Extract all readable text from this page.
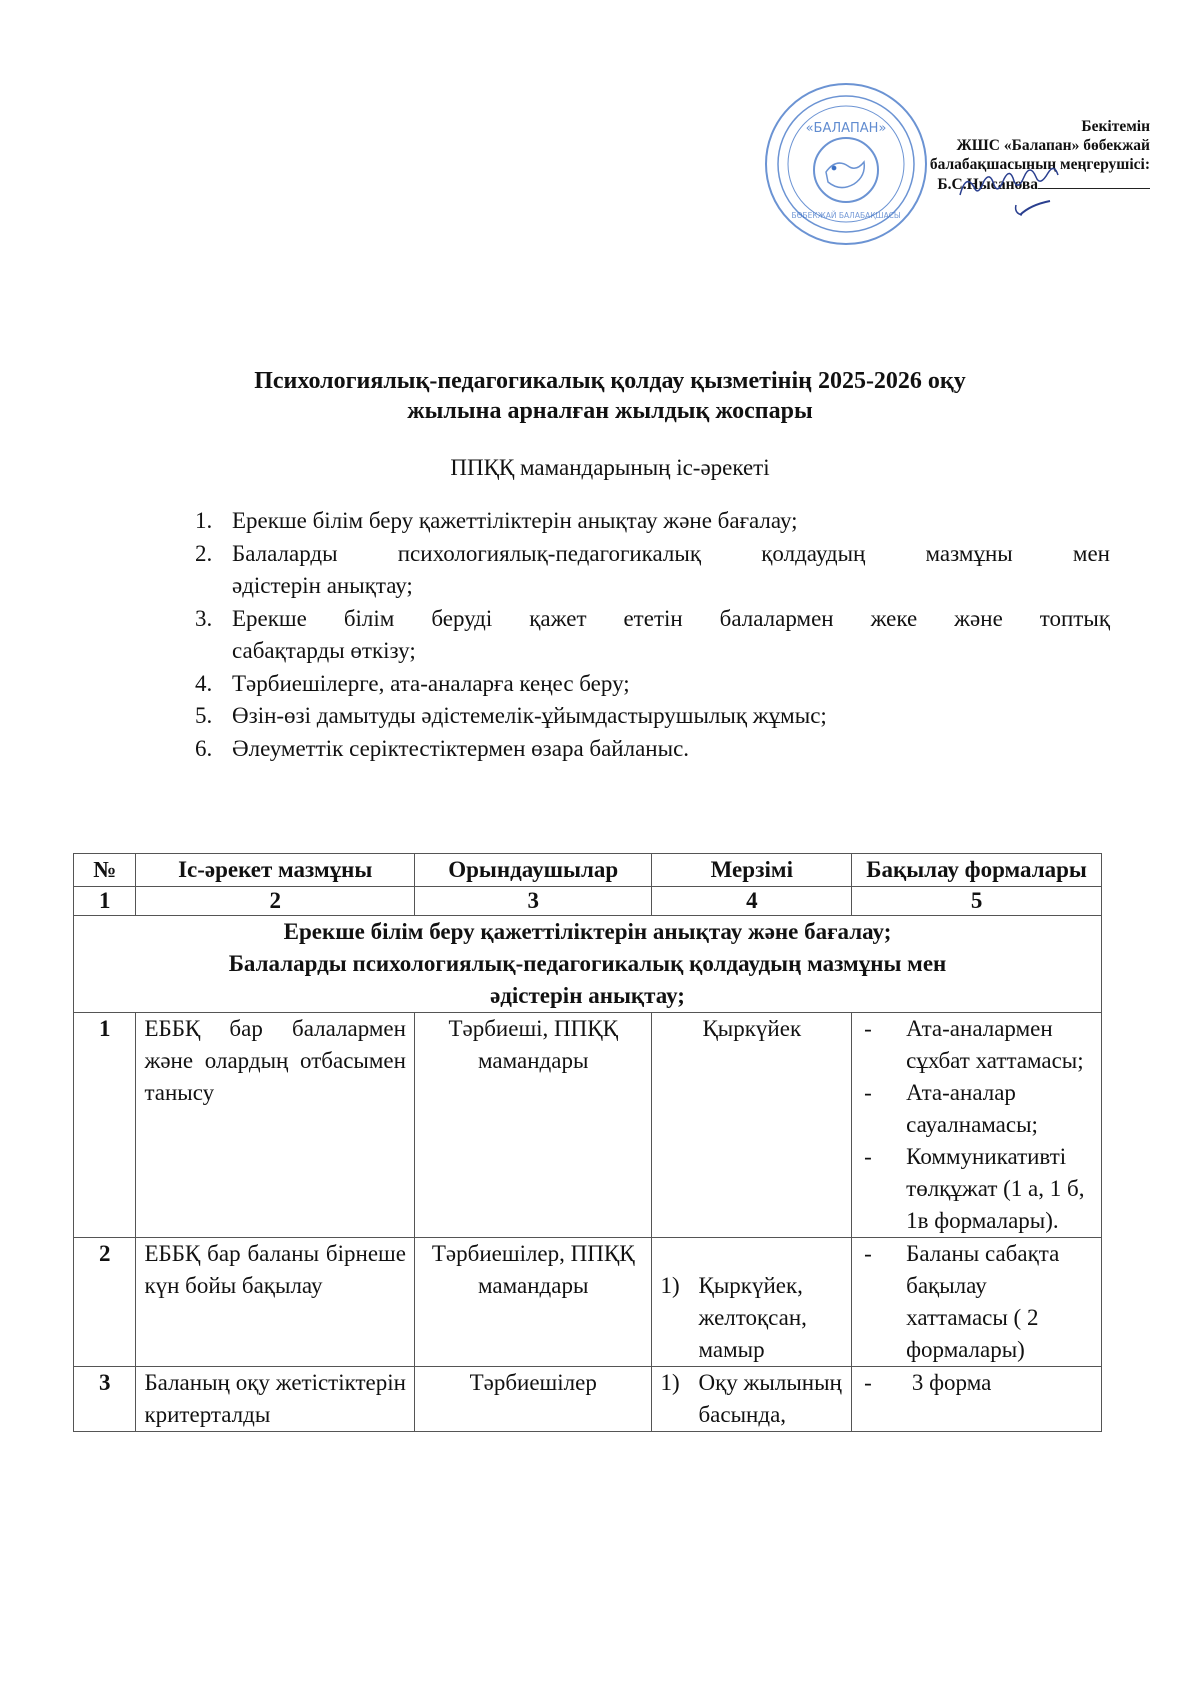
«БАЛАПАН»
БӨБЕКЖАЙ БАЛАБАҚШАСЫ
Бекітемін
ЖШС «Балапан» бөбекжай
балабақшасының меңгерушісі:
Б.С.Нысанова
Психологиялық-педагогикалық қолдау қызметінің 2025-2026 оқу
жылына арналған жылдық жоспары
ППҚҚ мамандарының іс-әрекеті
1. Ерекше білім беру қажеттіліктерін анықтау және бағалау;
2. Балаларды психологиялық-педагогикалық қолдаудың мазмұны мен
әдістерін анықтау;
3. Ерекше білім беруді қажет ететін балалармен жеке және топтық
сабақтарды өткізу;
4. Тәрбиешілерге, ата-аналарға кеңес беру;
5. Өзін-өзі дамытуды әдістемелік-ұйымдастырушылық жұмыс;
6. Әлеуметтік серіктестіктермен өзара байланыс.
№	Іс-әрекет мазмұны	Орындаушылар	Мерзімі	Бақылау формалары
1	2	3	4	5

Ерекше білім беру қажеттіліктерін анықтау және бағалау;
Балаларды психологиялық-педагогикалық қолдаудың мазмұны мен
әдістерін анықтау;				

1	ЕББҚ бар балалармен және олардың отбасымен танысу	Тәрбиеші, ППҚҚ мамандары	Қыркүйек	-	Ата-аналармен сұхбат хаттамасы;
-	Ата-аналар сауалнамасы;
-	Коммуникативті төлқұжат (1 а, 1 б, 1в формалары).

2	ЕББҚ бар баланы бірнеше күн бойы бақылау	Тәрбиешілер, ППҚҚ мамандары	1) Қыркүйек, желтоқсан, мамыр

-	Баланы сабақта бақылау хаттамасы ( 2 формалары)

3	Баланың оқу жетістіктерін критерталды	Тәрбиешілер	1) Оқу жылының басында,

-	3 форма
